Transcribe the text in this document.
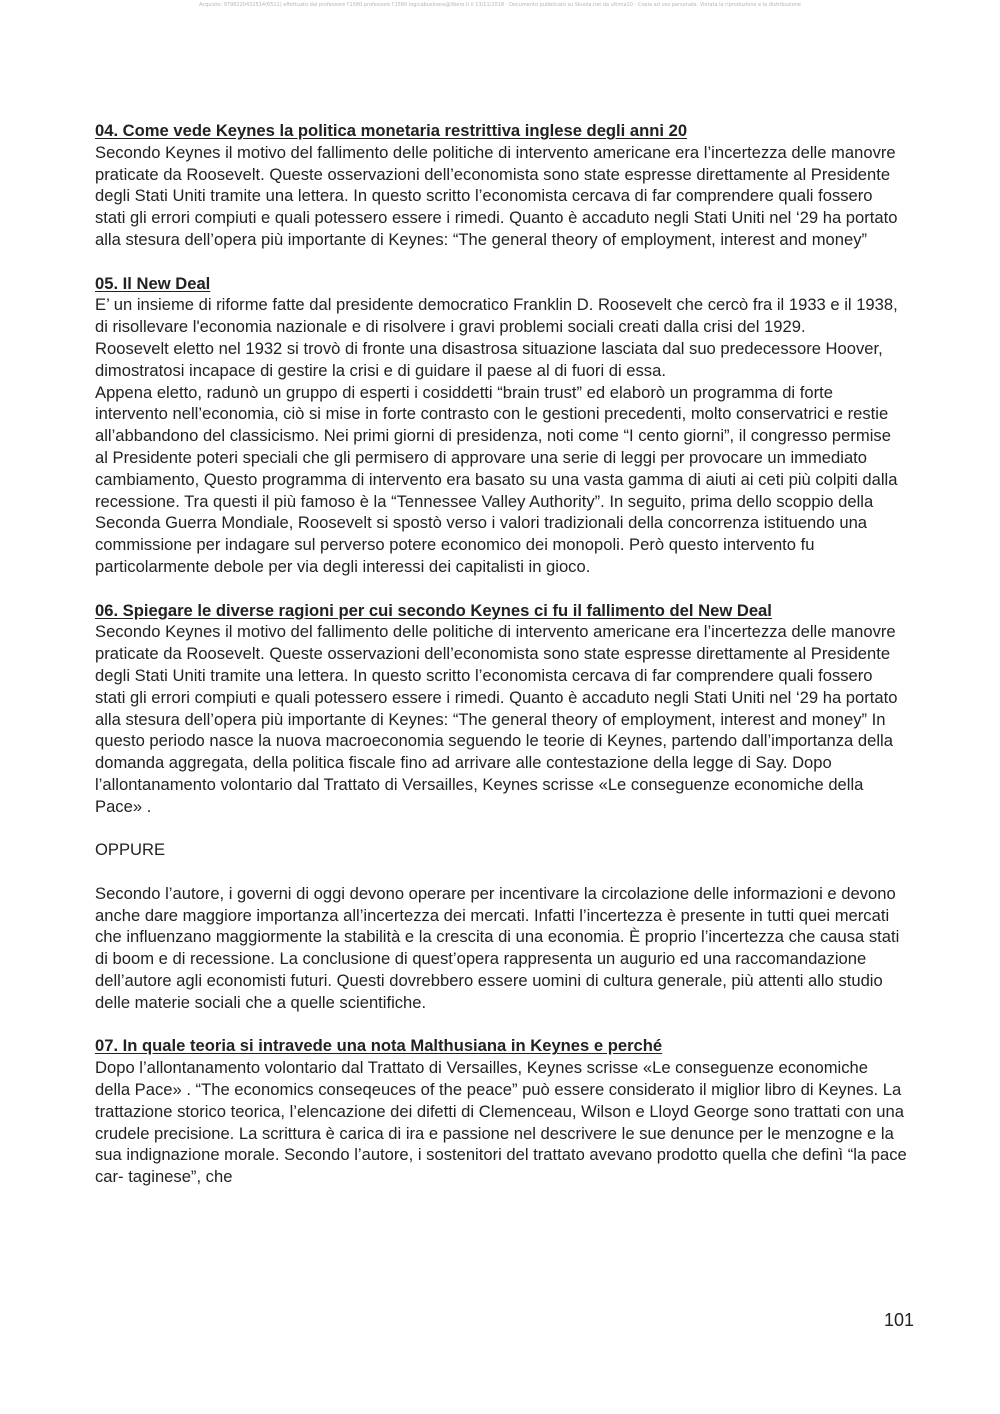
Acquisto: 9798220432514(6511) effettuato dal professore l'1580 professore l'1580 logicabusiness@libero.it il 13/11/2018 - Documento pubblicato su Skuola.net da ultima10 - Copia ad uso personale. Vietata la riproduzione e la distribuzione

04. Come vede Keynes la politica monetaria restrittiva inglese degli anni 20

Secondo Keynes il motivo del fallimento delle politiche di intervento americane era l’incertezza delle manovre praticate da Roosevelt. Queste osservazioni dell’economista sono state espresse direttamente al Presidente degli Stati Uniti tramite una lettera. In questo scritto l’economista cercava di far comprendere quali fossero stati gli errori compiuti e quali potessero essere i rimedi. Quanto è accaduto negli Stati Uniti nel ‘29 ha portato alla stesura dell’opera più importante di Keynes: “The general theory of employment, interest and money”

05. Il New Deal

E’ un insieme di riforme fatte dal presidente democratico Franklin D. Roosevelt che cercò fra il 1933 e il 1938, di risollevare l'economia nazionale e di risolvere i gravi problemi sociali creati dalla crisi del 1929.

Roosevelt eletto nel 1932 si trovò di fronte una disastrosa situazione lasciata dal suo predecessore Hoover, dimostratosi incapace di gestire la crisi e di guidare il paese al di fuori di essa.

Appena eletto, radunò un gruppo di esperti i cosiddetti “brain trust” ed elaborò un programma di forte intervento nell’economia, ciò si mise in forte contrasto con le gestioni precedenti, molto conservatrici e restie all’abbandono del classicismo. Nei primi giorni di presidenza, noti come “I cento giorni”, il congresso permise al Presidente poteri speciali che gli permisero di approvare una serie di leggi per provocare un immediato cambiamento, Questo programma di intervento era basato su una vasta gamma di aiuti ai ceti più colpiti dalla recessione. Tra questi il più famoso è la “Tennessee Valley Authority”. In seguito, prima dello scoppio della Seconda Guerra Mondiale, Roosevelt si spostò verso i valori tradizionali della concorrenza istituendo una commissione per indagare sul perverso potere economico dei monopoli. Però questo intervento fu particolarmente debole per via degli interessi dei capitalisti in gioco.

06. Spiegare le diverse ragioni per cui secondo Keynes ci fu il fallimento del New Deal

Secondo Keynes il motivo del fallimento delle politiche di intervento americane era l’incertezza delle manovre praticate da Roosevelt. Queste osservazioni dell’economista sono state espresse direttamente al Presidente degli Stati Uniti tramite una lettera. In questo scritto l’economista cercava di far comprendere quali fossero stati gli errori compiuti e quali potessero essere i rimedi. Quanto è accaduto negli Stati Uniti nel ‘29 ha portato alla stesura dell’opera più importante di Keynes: “The general theory of employment, interest and money” In questo periodo nasce la nuova macroeconomia seguendo le teorie di Keynes, partendo dall’importanza della domanda aggregata, della politica fiscale fino ad arrivare alle contestazione della legge di Say. Dopo l’allontanamento volontario dal Trattato di Versailles, Keynes scrisse «Le conseguenze economiche della Pace» .

OPPURE

Secondo l’autore, i governi di oggi devono operare per incentivare la circolazione delle informazioni e devono anche dare maggiore importanza all’incertezza dei mercati. Infatti l’incertezza è presente in tutti quei mercati che influenzano maggiormente la stabilità e la crescita di una economia. È proprio l’incertezza che causa stati di boom e di recessione. La conclusione di quest’opera rappresenta un augurio ed una raccomandazione dell’autore agli economisti futuri. Questi dovrebbero essere uomini di cultura generale, più attenti allo studio delle materie sociali che a quelle scientifiche.

07. In quale teoria si intravede una nota Malthusiana in Keynes e perché

Dopo l’allontanamento volontario dal Trattato di Versailles, Keynes scrisse «Le conseguenze economiche della Pace» . “The economics conseqeuces of the peace” può essere considerato il miglior libro di Keynes. La trattazione storico teorica, l’elencazione dei difetti di Clemenceau, Wilson e Lloyd George sono trattati con una crudele precisione. La scrittura è carica di ira e passione nel descrivere le sue denunce per le menzogne e la sua indignazione morale. Secondo l’autore, i sostenitori del trattato avevano prodotto quella che definì “la pace car- taginese”, che

101
